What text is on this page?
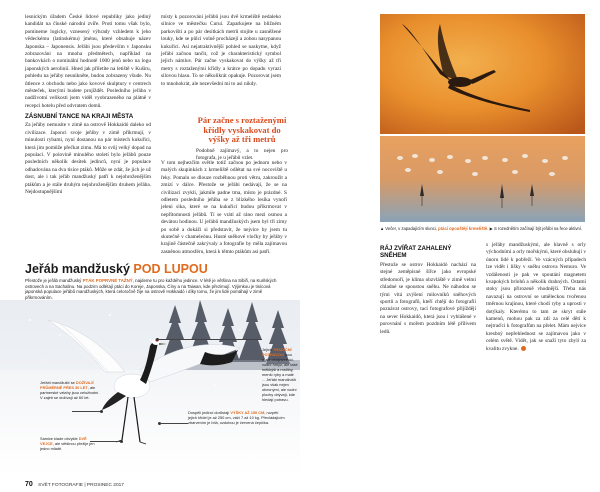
lesnickým úřadem České lidové republiky jako jediný kandidát na čínské národní zvíře. Proti tomu však bylo, pomineme logicky, vznesený výhrady vzhledem k jeho vědeckému (latinskému) jménu, které obsahuje název Japonska – Japonensis. Jeřábi jsou především v Japonsku zobrazováni na mnoha předmětech, například na bankovkách o nominální hodnotě 1000 jenů nebo na logu japonských aerolinií. Hned jak přiletíte na letiště v Kuširu, pohledu na jeřáby neunikněte, budou zobrazeny všude. Nu ůtlence z obchodu nebo jako kovové skulptury v centrech městeček, kterými budete projíždět. Posledního jeřába v nadživotní velikosti jsem viděl vyobrazeného na plátně v recepci hotelu před odvratem domů.

ZÁSNUBNÍ TANCE NA KRAJI MĚSTA

Za jeřáby nemusíte v zimě na ostrově Hokkaidó daleko od civilizace. Japonci svoje jeřáby v zimě přikrmují, v minulosti rybami, nyní dostanou na pár místech kukuřici, která jim pomůže přečkat zimu. Má to svůj velký dopad na populaci. V polovině minulého století bylo jeřábů pouze posledních několik desítek jedinců, nyní je populace odhadována na dva tisíce ptáků. Může se zdát, že jich je už dost, ale i tak jeřáb mandžuský patří k nejohroženějším ptákům a je stále druhým nejohroženějším druhem jeřába. Nejdostupnějšími

místy k pozorování jeřábů jsou dvě krmeliště nedaleko silnice ve městečku Curui. Zaparkujete na bližném parkovišti a po pár desítkách metrů stojíte u zasněžené louky, kde se půlcí volně procházejí a zobou nasypanou kukuřici. Asi nejatraktivnější pohled se naskytne, když jeřábi začnou tančit, což je charakteristický symbol jejich námluv. Pár začne vyskakovat do výšky až tři metry s roztaženými křídly a krátce po dopadu vyrazí silovou hlasu. To se několikrát opakuje. Pozorovat jsem to mnohokrát, ale nezevšední mi to asi nikdy.

Pár začne s roztaženými křídly vyskakovat do výšky až tři metrů

Podobně zajímavý, a to nejen pro fotografa, je u jeřábů vzlet.

V tom nejhezčím světle totiž začnou po jednom nebo v malých skupinkách z krmeliště odlétat na své nocoviště u řeky. Pomalu se dlouze rozběhnou proti větru, zakroužit a zmizí v dálce. Přestože se jeřábi nedávají, že se na civilizaci zvykli, jakmile padne tma, místo je prázdné. S odletem posledního jeřába se z blízkého lesíka vynoří jeleni sika, které se na kukuřici budou přikrmovat v nepřítomnosti jeřábů. Tí se vrátí až ráno mezi osmou a devátou hodinou. U jeřábů mandžuských jsem byl tři zimy po sobě a dokáži si představit, že nejvice by jsem tu skutečně v chameleónu. Husté sněhové vločky by jeřáby v krajině částečně zakrývaly a fotografie by měla zajímavou zasněnou atmosféru, která k těmto ptákům asi patří.

Jeřáb mandžuský POD LUPOU
Přestože je jeřáb mandžuský PTÁK POPRVNÉ TAŽNÝ, najdeme tu pro každého jedince. V létě je většina na Sibiři, na Kurilských ostrovech a na Sachalinu. Na podzim odlétají ptáci do Koreje, Japonska, Číny a na Taiwan, kde přezimují. Výjimkou je tisícová japonská populace jeřábů mandžuských, která celoročně žije na ostrově Hokkaidó i díky tomu, že jim lidé pomáhají v zimě přikrmováním.
Jejich TRADIČNÍ POTRAVOU jsou malé obojživelníci, vodní hmyz, ale také měkkýši a rostliny, menší ryby a malé ... Jeřábi mandžuští jsou však nejen obecnými, ale vodní plochy obývají, kde hledají potravu.
Jeřábi mandžuští se DOŽÍVAJÍ PRŮMĚRNĚ PŘES 30 LET, ale partnerské vztahy jsou celoživotní. V zajetí se dožívají až 60 let.
Samice klade obvykle DVĚ VEJCE, ale většinou přežije jen jedno mládě.
Dospělí jedinci dorůstají VÝŠKY AŽ 150 CM, rozpětí jejich křídel je až 250 cm, váží 7 až 10 kg. Převládajícím zbarvením je bílá, ozdobou je červená čepička.
70 SVĚT FOTOGRAFIE | PROSINEC 2017
▲ Večer, v zapadajícím slunci, ptáci opouštějí krmeliště. ▶ S rozednětím začínají být jeřábi na řece aktivní.
RÁJ ZVÍŘAT ZAHALENÝ SNĚHEM

Přestože se ostrov Hokkaidó nachází na stejné zeměpisné šířce jako evropské středomoří, je klima obzvláště v zimě velmi chladné se spoustou sněhu. Ne náhodou se tými vítá zvýšení milovníků sněhových sportů a fotografů, kteří chtějí do fotografií poznávat ostrovy, tací fotografové přijíždějí na sever Hokkaidó, která jsou i vyhlášené v porovnání s mořem pozdním létě přílivem ledů.

s jeřáby mandžuskými, ale hlavně s orly východními a orly mořskými, které obsluhují v únoru lidé k pobřeží. Ve vzácných případech lze vidět i lišky v sněhu ostrova Nemuro. Ve vzdálenosti je pak ve spoutání magnetem kvapokých brlohů a několik drahných. Ostatní stoky jsou přirozeně vhodnější. Třeba nás navazují na ostrovní se uměleckou tvořenou tměrnou krajinou, které chodí ryby a uprosti v dotýkaly. Kterému to tam ze skryt stále kamenů, mohou pak za zdí za celé dětí k nejtraďci k fotografům na přelet. Mám nejvice kresbný nepřehlednost se zajímavou jako v celém světě. Vidět, jak se snaží tyto zbylí za kvalitu zvykne.
